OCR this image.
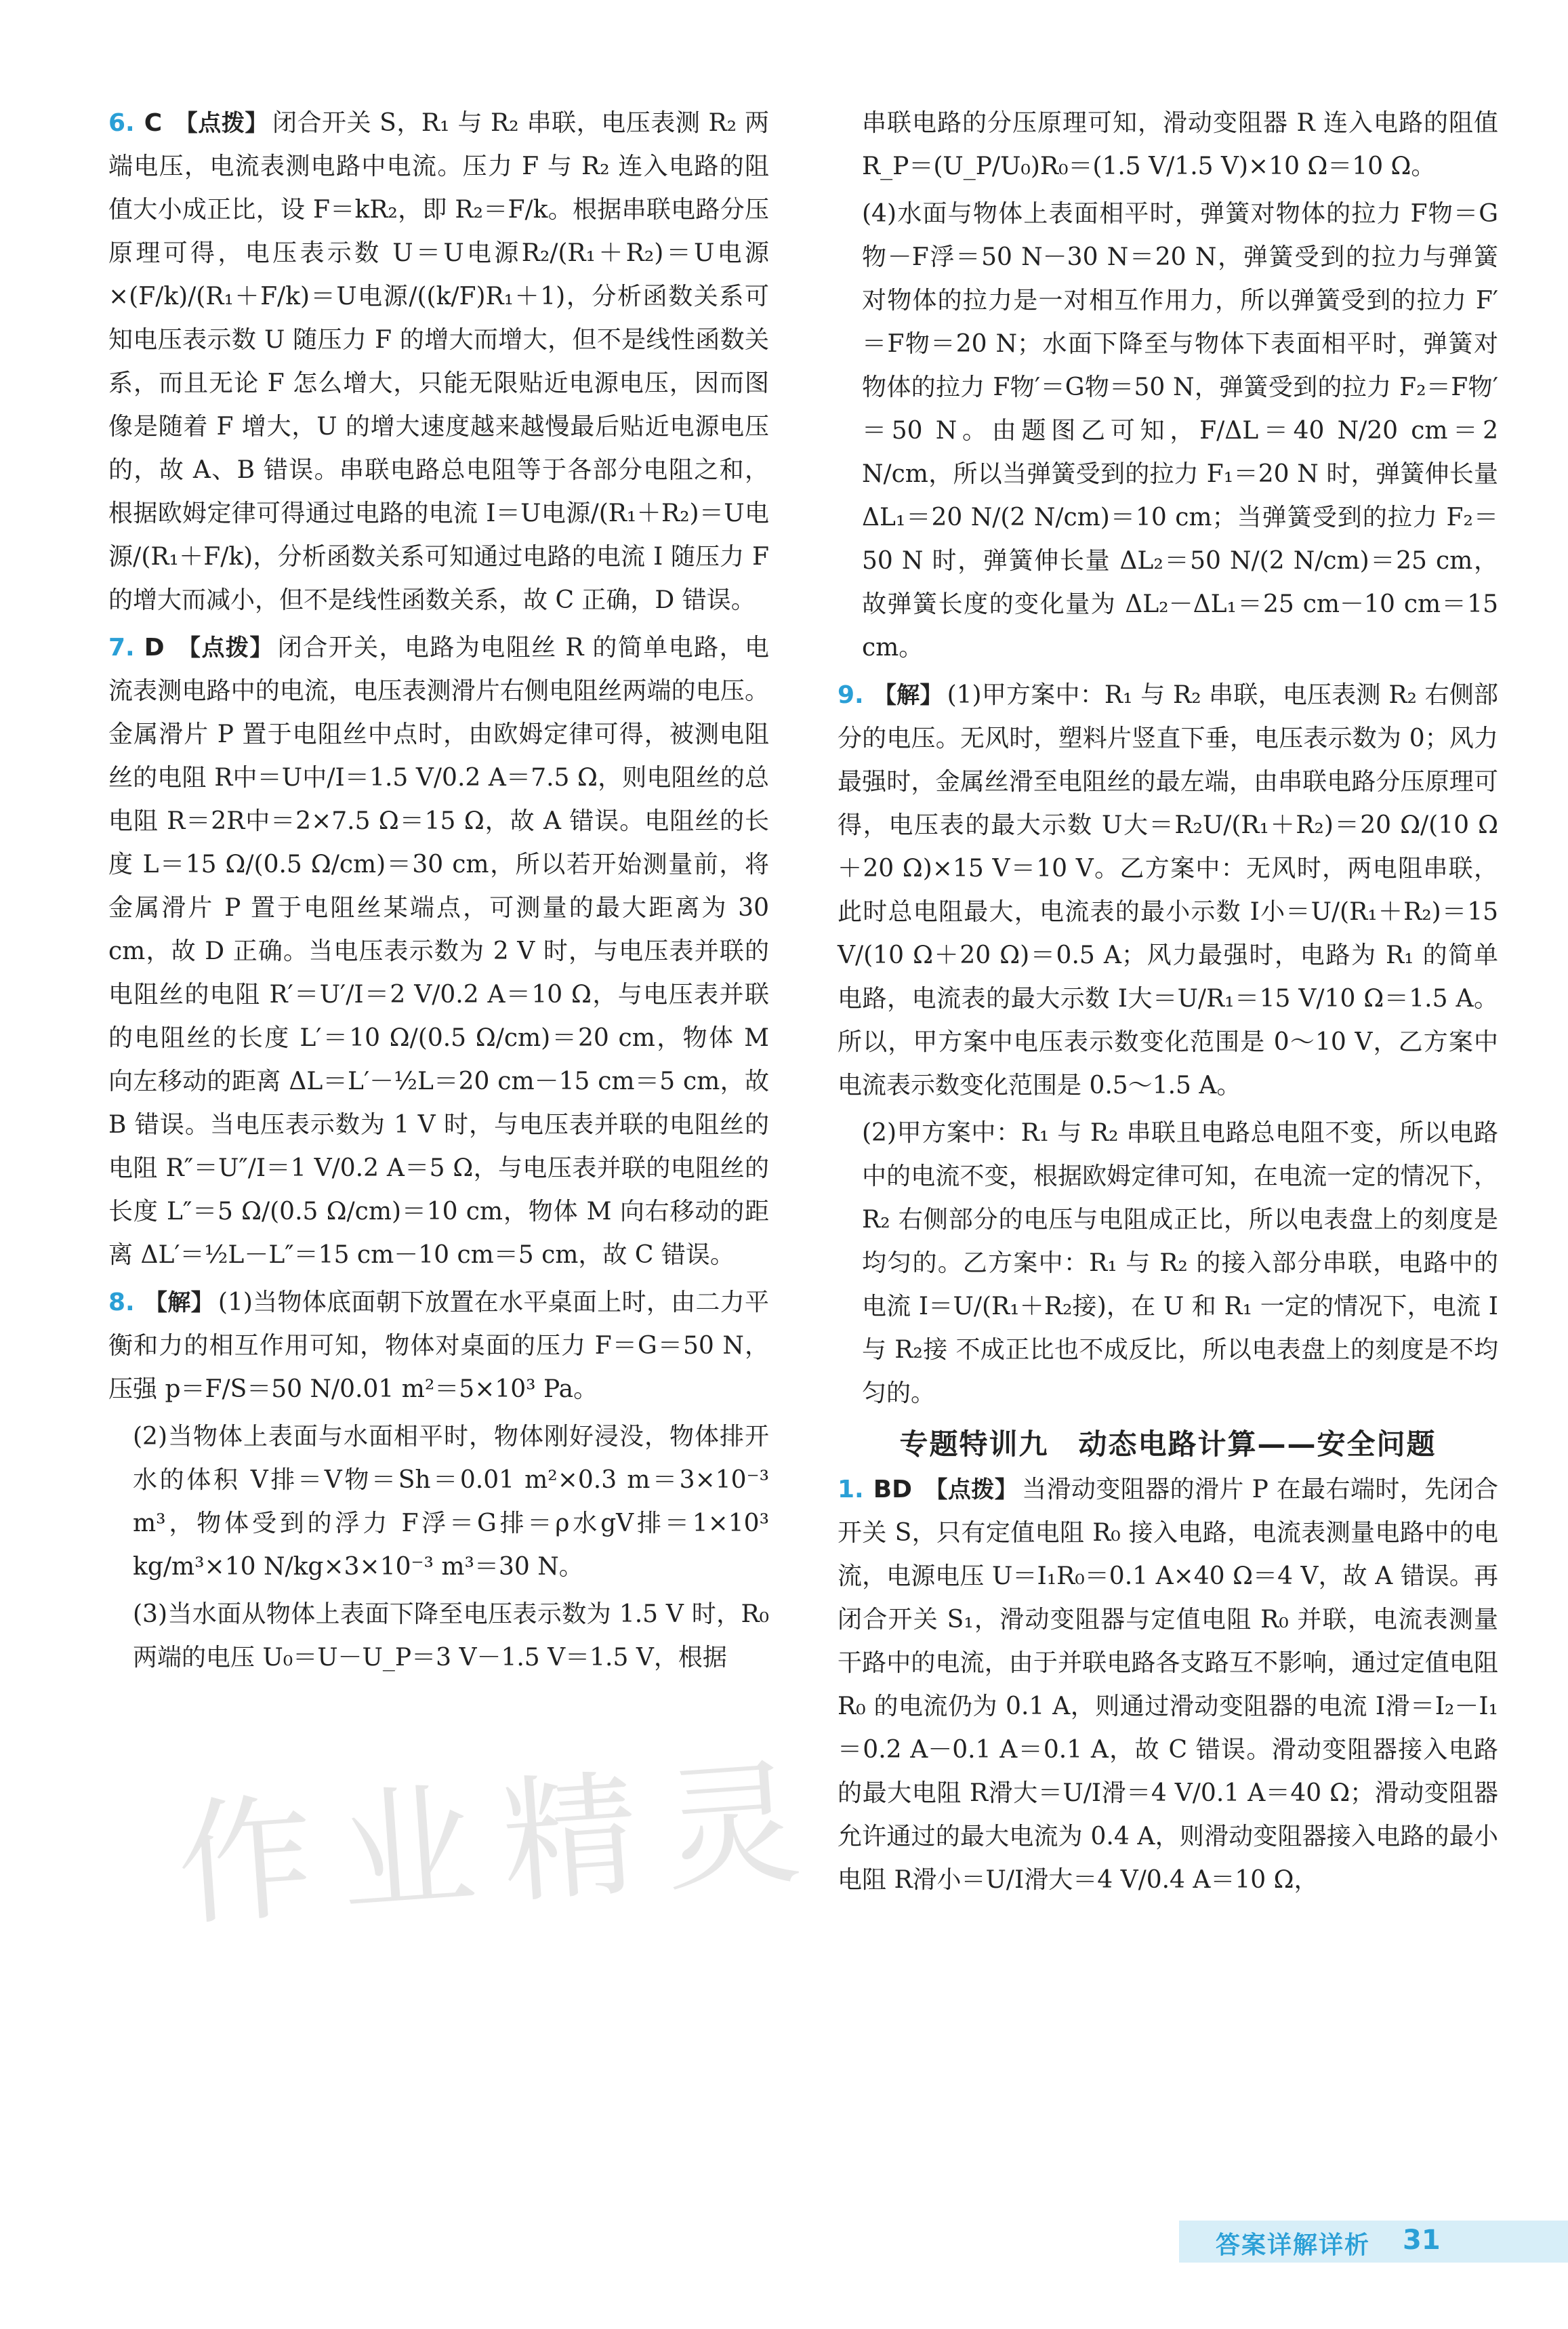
6. C 【点拨】 闭合开关 S，R₁ 与 R₂ 串联，电压表测 R₂ 两端电压，电流表测电路中电流。压力 F 与 R₂ 连入电路的阻值大小成正比，设 F＝kR₂，即 R₂＝F/k。根据串联电路分压原理可得，电压表示数 U＝U电源R₂/(R₁＋R₂)＝U电源×(F/k)/(R₁＋F/k)＝U电源/((k/F)R₁＋1)，分析函数关系可知电压表示数 U 随压力 F 的增大而增大，但不是线性函数关系，而且无论 F 怎么增大，只能无限贴近电源电压，因而图像是随着 F 增大，U 的增大速度越来越慢最后贴近电源电压的，故 A、B 错误。串联电路总电阻等于各部分电阻之和，根据欧姆定律可得通过电路的电流 I＝U电源/(R₁＋R₂)＝U电源/(R₁＋F/k)，分析函数关系可知通过电路的电流 I 随压力 F 的增大而减小，但不是线性函数关系，故 C 正确，D 错误。

7. D 【点拨】 闭合开关，电路为电阻丝 R 的简单电路，电流表测电路中的电流，电压表测滑片右侧电阻丝两端的电压。金属滑片 P 置于电阻丝中点时，由欧姆定律可得，被测电阻丝的电阻 R中＝U中/I＝1.5 V/0.2 A＝7.5 Ω，则电阻丝的总电阻 R＝2R中＝2×7.5 Ω＝15 Ω，故 A 错误。电阻丝的长度 L＝15 Ω/(0.5 Ω/cm)＝30 cm，所以若开始测量前，将金属滑片 P 置于电阻丝某端点，可测量的最大距离为 30 cm，故 D 正确。当电压表示数为 2 V 时，与电压表并联的电阻丝的电阻 R′＝U′/I＝2 V/0.2 A＝10 Ω，与电压表并联的电阻丝的长度 L′＝10 Ω/(0.5 Ω/cm)＝20 cm，物体 M 向左移动的距离 ΔL＝L′－½L＝20 cm－15 cm＝5 cm，故 B 错误。当电压表示数为 1 V 时，与电压表并联的电阻丝的电阻 R″＝U″/I＝1 V/0.2 A＝5 Ω，与电压表并联的电阻丝的长度 L″＝5 Ω/(0.5 Ω/cm)＝10 cm，物体 M 向右移动的距离 ΔL′＝½L－L″＝15 cm－10 cm＝5 cm，故 C 错误。

8. 【解】 (1)当物体底面朝下放置在水平桌面上时，由二力平衡和力的相互作用可知，物体对桌面的压力 F＝G＝50 N，压强 p＝F/S＝50 N/0.01 m²＝5×10³ Pa。

(2)当物体上表面与水面相平时，物体刚好浸没，物体排开水的体积 V排＝V物＝Sh＝0.01 m²×0.3 m＝3×10⁻³ m³，物体受到的浮力 F浮＝G排＝ρ水gV排＝1×10³ kg/m³×10 N/kg×3×10⁻³ m³＝30 N。

(3)当水面从物体上表面下降至电压表示数为 1.5 V 时，R₀ 两端的电压 U₀＝U－U_P＝3 V－1.5 V＝1.5 V，根据

串联电路的分压原理可知，滑动变阻器 R 连入电路的阻值 R_P＝(U_P/U₀)R₀＝(1.5 V/1.5 V)×10 Ω＝10 Ω。

(4)水面与物体上表面相平时，弹簧对物体的拉力 F物＝G物－F浮＝50 N－30 N＝20 N，弹簧受到的拉力与弹簧对物体的拉力是一对相互作用力，所以弹簧受到的拉力 F′＝F物＝20 N；水面下降至与物体下表面相平时，弹簧对物体的拉力 F物′＝G物＝50 N，弹簧受到的拉力 F₂＝F物′＝50 N。由题图乙可知，F/ΔL＝40 N/20 cm＝2 N/cm，所以当弹簧受到的拉力 F₁＝20 N 时，弹簧伸长量 ΔL₁＝20 N/(2 N/cm)＝10 cm；当弹簧受到的拉力 F₂＝50 N 时，弹簧伸长量 ΔL₂＝50 N/(2 N/cm)＝25 cm，故弹簧长度的变化量为 ΔL₂－ΔL₁＝25 cm－10 cm＝15 cm。

9. 【解】 (1)甲方案中：R₁ 与 R₂ 串联，电压表测 R₂ 右侧部分的电压。无风时，塑料片竖直下垂，电压表示数为 0；风力最强时，金属丝滑至电阻丝的最左端，由串联电路分压原理可得，电压表的最大示数 U大＝R₂U/(R₁＋R₂)＝20 Ω/(10 Ω＋20 Ω)×15 V＝10 V。乙方案中：无风时，两电阻串联，此时总电阻最大，电流表的最小示数 I小＝U/(R₁＋R₂)＝15 V/(10 Ω＋20 Ω)＝0.5 A；风力最强时，电路为 R₁ 的简单电路，电流表的最大示数 I大＝U/R₁＝15 V/10 Ω＝1.5 A。所以，甲方案中电压表示数变化范围是 0～10 V，乙方案中电流表示数变化范围是 0.5～1.5 A。

(2)甲方案中：R₁ 与 R₂ 串联且电路总电阻不变，所以电路中的电流不变，根据欧姆定律可知，在电流一定的情况下，R₂ 右侧部分的电压与电阻成正比，所以电表盘上的刻度是均匀的。乙方案中：R₁ 与 R₂ 的接入部分串联，电路中的电流 I＝U/(R₁＋R₂接)，在 U 和 R₁ 一定的情况下，电流 I 与 R₂接 不成正比也不成反比，所以电表盘上的刻度是不均匀的。

专题特训九　动态电路计算——安全问题

1. BD 【点拨】 当滑动变阻器的滑片 P 在最右端时，先闭合开关 S，只有定值电阻 R₀ 接入电路，电流表测量电路中的电流，电源电压 U＝I₁R₀＝0.1 A×40 Ω＝4 V，故 A 错误。再闭合开关 S₁，滑动变阻器与定值电阻 R₀ 并联，电流表测量干路中的电流，由于并联电路各支路互不影响，通过定值电阻 R₀ 的电流仍为 0.1 A，则通过滑动变阻器的电流 I滑＝I₂－I₁＝0.2 A－0.1 A＝0.1 A，故 C 错误。滑动变阻器接入电路的最大电阻 R滑大＝U/I滑＝4 V/0.1 A＝40 Ω；滑动变阻器允许通过的最大电流为 0.4 A，则滑动变阻器接入电路的最小电阻 R滑小＝U/I滑大＝4 V/0.4 A＝10 Ω，

作业精灵
答案详解详析 31
